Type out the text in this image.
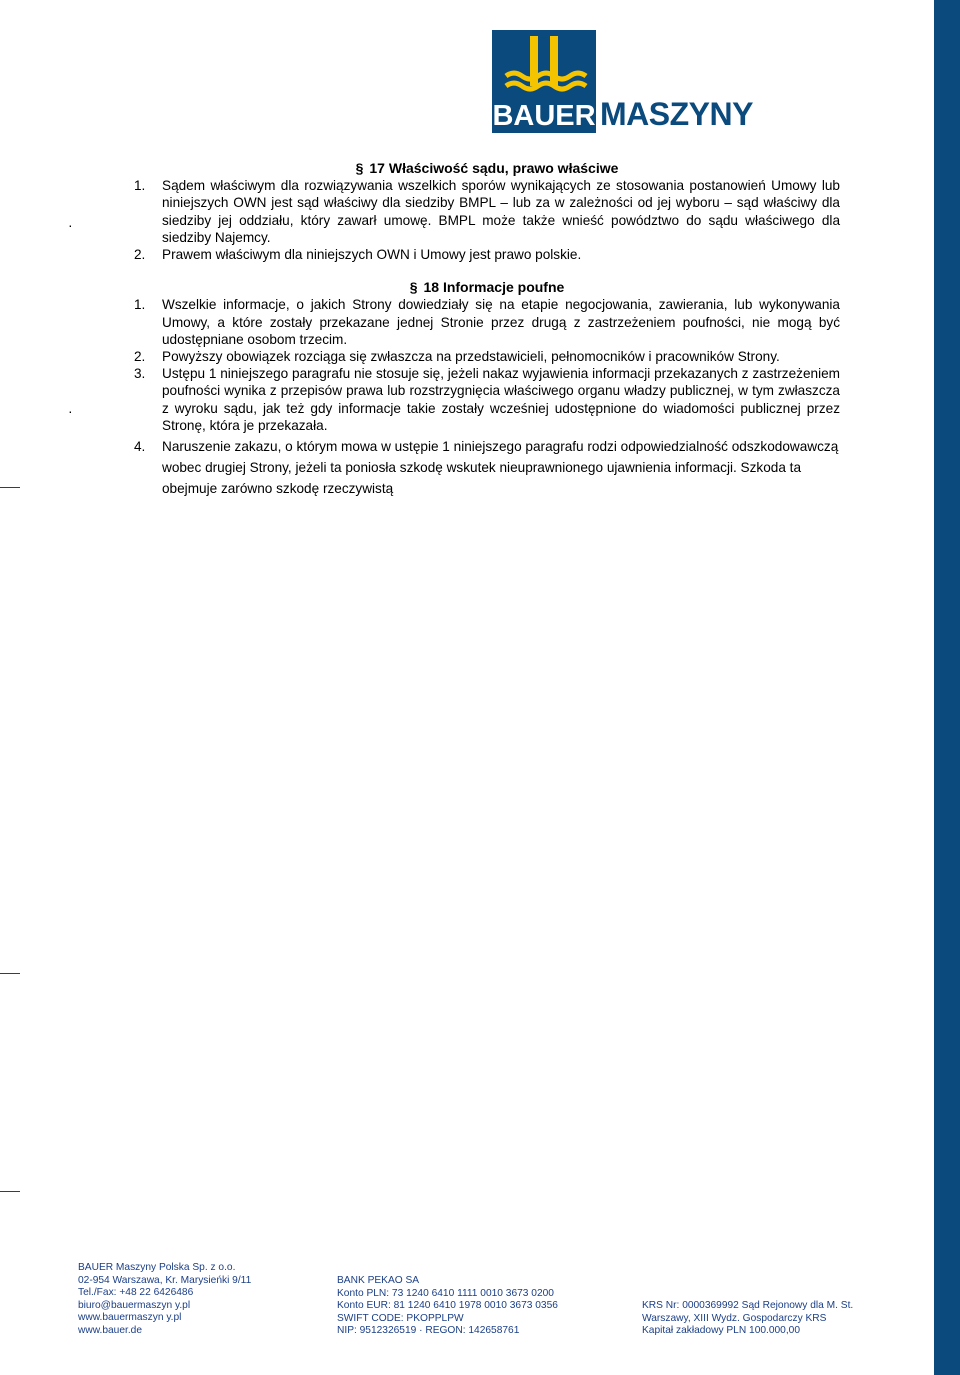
BAUER MASZYNY
·
·
§ 17 Właściwość sądu, prawo właściwe
1. Sądem właściwym dla rozwiązywania wszelkich sporów wynikających ze stosowania postanowień Umowy lub niniejszych OWN jest sąd właściwy dla siedziby BMPL – lub za w zależności od jej wyboru – sąd właściwy dla siedziby jej oddziału, który zawarł umowę. BMPL może także wnieść powództwo do sądu właściwego dla siedziby Najemcy.
2. Prawem właściwym dla niniejszych OWN i Umowy jest prawo polskie.
§ 18 Informacje poufne
1. Wszelkie informacje, o jakich Strony dowiedziały się na etapie negocjowania, zawierania, lub wykonywania Umowy, a które zostały przekazane jednej Stronie przez drugą z zastrzeżeniem poufności, nie mogą być udostępniane osobom trzecim.
2. Powyższy obowiązek rozciąga się zwłaszcza na przedstawicieli, pełnomocników i pracowników Strony.
3. Ustępu 1 niniejszego paragrafu nie stosuje się, jeżeli nakaz wyjawienia informacji przekazanych z zastrzeżeniem poufności wynika z przepisów prawa lub rozstrzygnięcia właściwego organu władzy publicznej, w tym zwłaszcza z wyroku sądu, jak też gdy informacje takie zostały wcześniej udostępnione do wiadomości publicznej przez Stronę, która je przekazała.
4. Naruszenie zakazu, o którym mowa w ustępie 1 niniejszego paragrafu rodzi odpowiedzialność odszkodowawczą wobec drugiej Strony, jeżeli ta poniosła szkodę wskutek nieuprawnionego ujawnienia informacji. Szkoda ta obejmuje zarówno szkodę rzeczywistą
BAUER Maszyny Polska Sp. z o.o.
02-954 Warszawa, Kr. Marysieńki 9/11
Tel./Fax: +48 22 6426486
biuro@bauermaszyn y.pl
www.bauermaszyn y.pl
www.bauer.de
BANK PEKAO SA
Konto PLN: 73 1240 6410 1111 0010 3673 0200
Konto EUR: 81 1240 6410 1978 0010 3673 0356
SWIFT CODE: PKOPPLPW
NIP: 9512326519 · REGON: 142658761
KRS Nr: 0000369992 Sąd Rejonowy dla M. St.
Warszawy, XIII Wydz. Gospodarczy KRS
Kapitał zakładowy PLN 100.000,00
